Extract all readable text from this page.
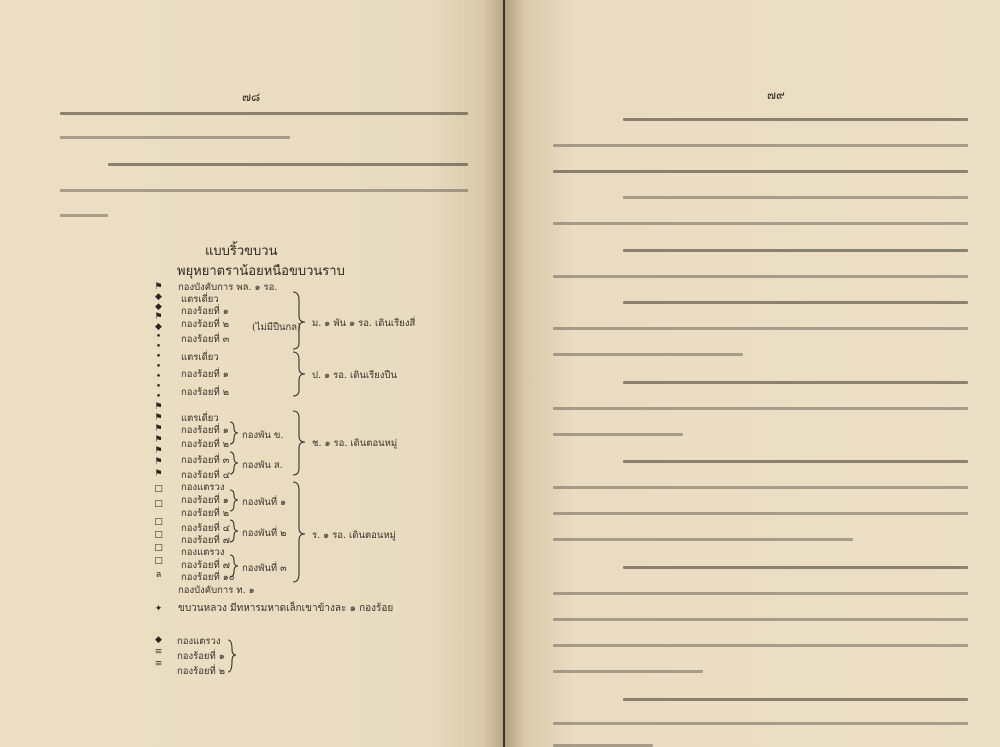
๗๘
แบบริ้วขบวน
พยุหยาตราน้อยหนือขบวนราบ
⚑
◆
◆
⚑
◆
•
•
•
•
•
•
•
⚑
⚑
⚑
⚑
⚑
⚑
⚑
□
□
□
□
□
□
ล
✦
◆
≡
≡
กองบังคับการ พล. ๑ รอ.
แตรเดี่ยว
กองร้อยที่ ๑
กองร้อยที่ ๒
กองร้อยที่ ๓
แตรเดี่ยว
กองร้อยที่ ๑
กองร้อยที่ ๒
แตรเดี่ยว
กองร้อยที่ ๑
กองร้อยที่ ๒
กองร้อยที่ ๓
กองร้อยที่ ๔
กองแตรวง
กองร้อยที่ ๑
กองร้อยที่ ๒
กองร้อยที่ ๔
กองร้อยที่ ๗
กองแตรวง
กองร้อยที่ ๗
กองร้อยที่ ๑๐
กองบังคับการ ท. ๑
ม. ๑ พัน ๑ รอ. เดินเรียงสี่
(ไม่มีปืนกล)
ป. ๑ รอ. เดินเรียงปืน
ช. ๑ รอ. เดินตอนหมู่
ร. ๑ รอ. เดินตอนหมู่
กองพัน ข.
กองพัน ส.
กองพันที่ ๑
กองพันที่ ๒
กองพันที่ ๓
ขบวนหลวง มีทหารมหาดเล็กเขาข้างละ ๑ กองร้อย
กองแตรวง
กองร้อยที่ ๑
กองร้อยที่ ๒
๗๙
